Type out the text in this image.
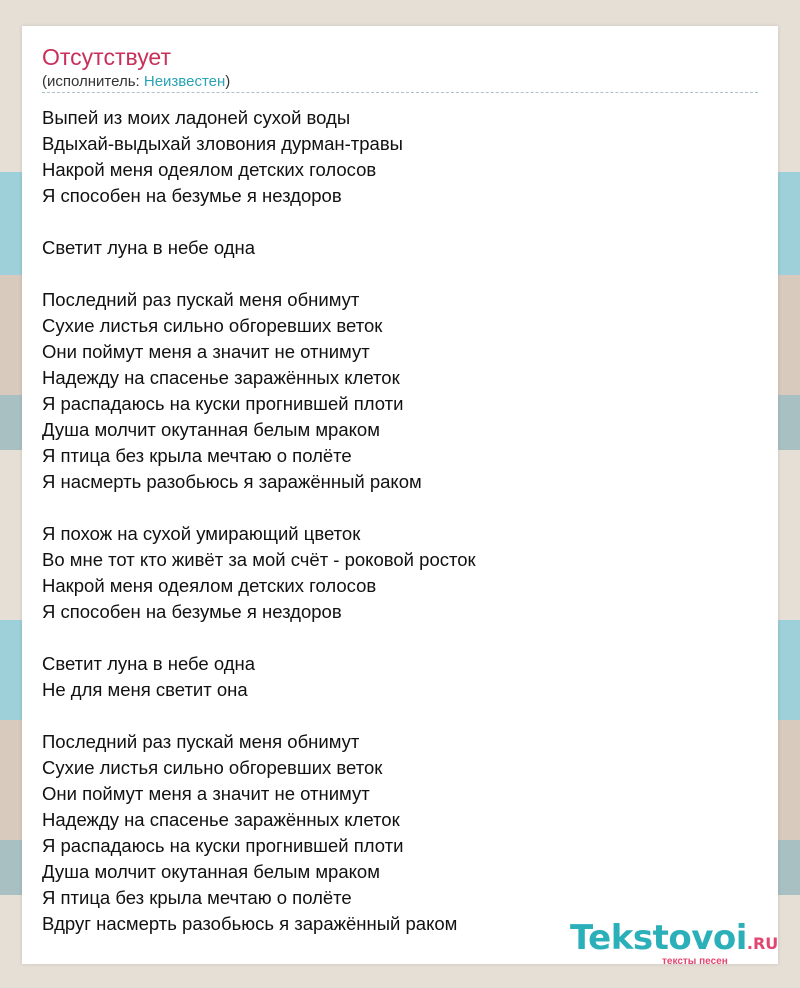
Отсутствует
(исполнитель: Неизвестен)
Выпей из моих ладоней сухой воды
Вдыхай-выдыхай зловония дурман-травы
Накрой меня одеялом детских голосов
Я способен на безумье я нездоров
Светит луна в небе одна
Последний раз пускай меня обнимут
Сухие листья сильно обгоревших веток
Они поймут меня а значит не отнимут
Надежду на спасенье заражённых клеток
Я распадаюсь на куски прогнившей плоти
Душа молчит окутанная белым мраком
Я птица без крыла мечтаю о полёте
Я насмерть разобьюсь я заражённый раком
Я похож на сухой умирающий цветок
Во мне тот кто живёт за мой счёт - роковой росток
Накрой меня одеялом детских голосов
Я способен на безумье я нездоров
Светит луна в небе одна
Не для меня светит она
Последний раз пускай меня обнимут
Сухие листья сильно обгоревших веток
Они поймут меня а значит не отнимут
Надежду на спасенье заражённых клеток
Я распадаюсь на куски прогнившей плоти
Душа молчит окутанная белым мраком
Я птица без крыла мечтаю о полёте
Вдруг насмерть разобьюсь я заражённый раком	Tekstovoi.RU
тексты песен
